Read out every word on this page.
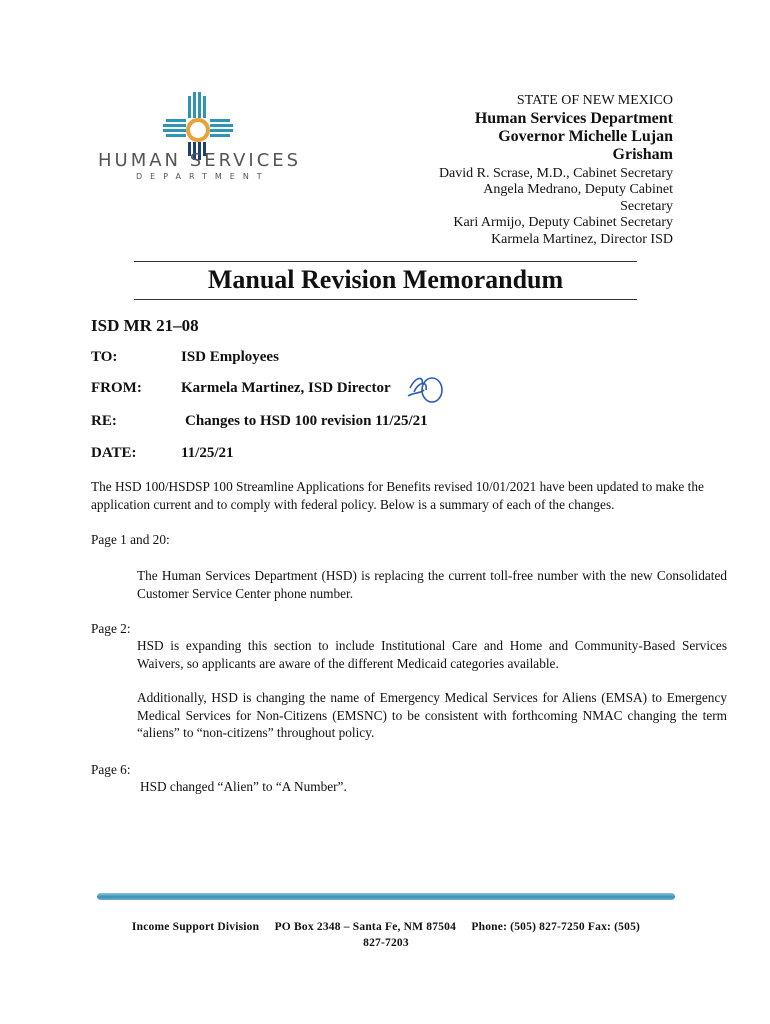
HUMAN SERVICES
DEPARTMENT
STATE OF NEW MEXICO
Human Services Department
Governor Michelle Lujan
Grisham
David R. Scrase, M.D., Cabinet Secretary
Angela Medrano, Deputy Cabinet
Secretary
Kari Armijo, Deputy Cabinet Secretary
Karmela Martinez, Director ISD
Manual Revision Memorandum
ISD MR 21–08
TO:	ISD Employees
FROM:	Karmela Martinez, ISD Director
RE:	Changes to HSD 100 revision 11/25/21
DATE:	11/25/21
The HSD 100/HSDSP 100 Streamline Applications for Benefits revised 10/01/2021 have been updated to make the application current and to comply with federal policy. Below is a summary of each of the changes.
Page 1 and 20:
The Human Services Department (HSD) is replacing the current toll-free number with the new Consolidated Customer Service Center phone number.
Page 2:
HSD is expanding this section to include Institutional Care and Home and Community-Based Services Waivers, so applicants are aware of the different Medicaid categories available.
Additionally, HSD is changing the name of Emergency Medical Services for Aliens (EMSA) to Emergency Medical Services for Non-Citizens (EMSNC) to be consistent with forthcoming NMAC changing the term “aliens” to “non-citizens” throughout policy.
Page 6:
HSD changed “Alien” to “A Number”.
Income Support Division     PO Box 2348 – Santa Fe, NM 87504     Phone: (505) 827-7250 Fax: (505)
827-7203
